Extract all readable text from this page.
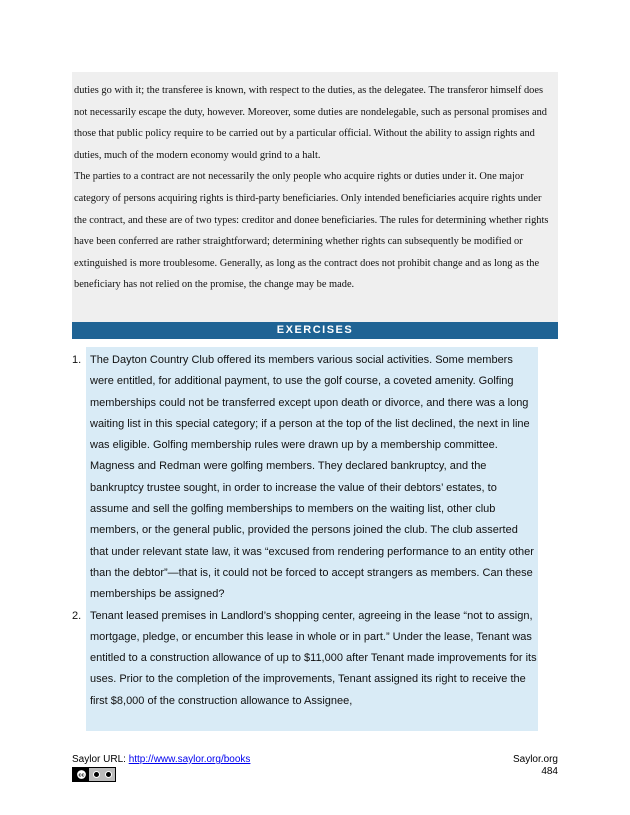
duties go with it; the transferee is known, with respect to the duties, as the delegatee. The transferor himself does not necessarily escape the duty, however. Moreover, some duties are nondelegable, such as personal promises and those that public policy require to be carried out by a particular official. Without the ability to assign rights and duties, much of the modern economy would grind to a halt.

The parties to a contract are not necessarily the only people who acquire rights or duties under it. One major category of persons acquiring rights is third-party beneficiaries. Only intended beneficiaries acquire rights under the contract, and these are of two types: creditor and donee beneficiaries. The rules for determining whether rights have been conferred are rather straightforward; determining whether rights can subsequently be modified or extinguished is more troublesome. Generally, as long as the contract does not prohibit change and as long as the beneficiary has not relied on the promise, the change may be made.

EXERCISES
1. The Dayton Country Club offered its members various social activities. Some members were entitled, for additional payment, to use the golf course, a coveted amenity. Golfing memberships could not be transferred except upon death or divorce, and there was a long waiting list in this special category; if a person at the top of the list declined, the next in line was eligible. Golfing membership rules were drawn up by a membership committee. Magness and Redman were golfing members. They declared bankruptcy, and the bankruptcy trustee sought, in order to increase the value of their debtors’ estates, to assume and sell the golfing memberships to members on the waiting list, other club members, or the general public, provided the persons joined the club. The club asserted that under relevant state law, it was “excused from rendering performance to an entity other than the debtor”—that is, it could not be forced to accept strangers as members. Can these memberships be assigned?
2. Tenant leased premises in Landlord’s shopping center, agreeing in the lease “not to assign, mortgage, pledge, or encumber this lease in whole or in part.” Under the lease, Tenant was entitled to a construction allowance of up to $11,000 after Tenant made improvements for its uses. Prior to the completion of the improvements, Tenant assigned its right to receive the first $8,000 of the construction allowance to Assignee,
Saylor URL: http://www.saylor.org/books
cc
Saylor.org
484
